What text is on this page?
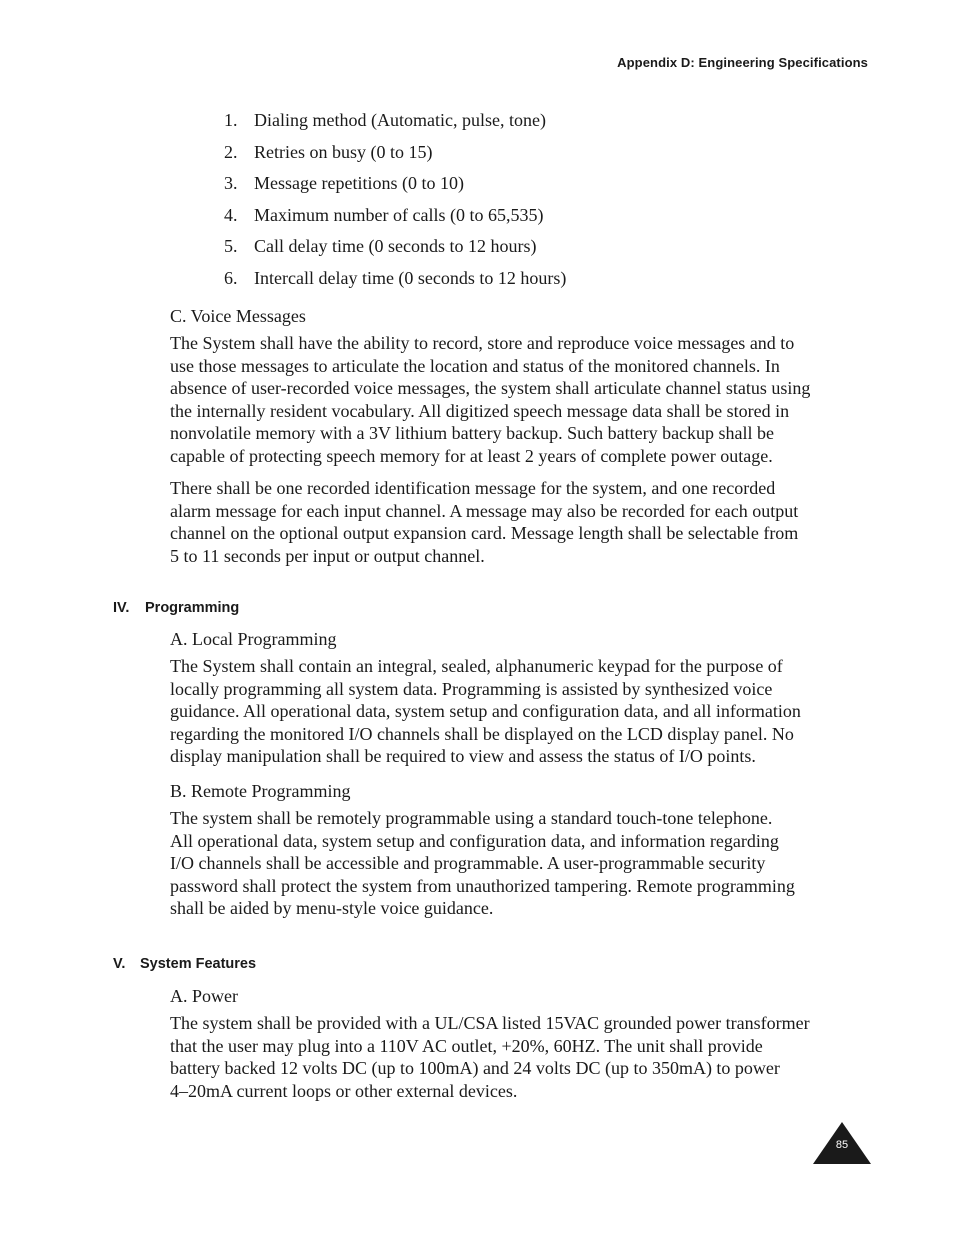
Appendix D: Engineering Specifications
1. Dialing method (Automatic, pulse, tone)
2. Retries on busy (0 to 15)
3. Message repetitions (0 to 10)
4. Maximum number of calls (0 to 65,535)
5. Call delay time (0 seconds to 12 hours)
6. Intercall delay time (0 seconds to 12 hours)
C. Voice Messages

The System shall have the ability to record, store and reproduce voice messages and to

use those messages to articulate the location and status of the monitored channels. In

absence of user-recorded voice messages, the system shall articulate channel status using

the internally resident vocabulary. All digitized speech message data shall be stored in

nonvolatile memory with a 3V lithium battery backup. Such battery backup shall be

capable of protecting speech memory for at least 2 years of complete power outage.

There shall be one recorded identification message for the system, and one recorded

alarm message for each input channel. A message may also be recorded for each output

channel on the optional output expansion card. Message length shall be selectable from

5 to 11 seconds per input or output channel.

IV. Programming
A. Local Programming

The System shall contain an integral, sealed, alphanumeric keypad for the purpose of

locally programming all system data. Programming is assisted by synthesized voice

guidance. All operational data, system setup and configuration data, and all information

regarding the monitored I/O channels shall be displayed on the LCD display panel. No

display manipulation shall be required to view and assess the status of I/O points.

B. Remote Programming

The system shall be remotely programmable using a standard touch-tone telephone.

All operational data, system setup and configuration data, and information regarding

I/O channels shall be accessible and programmable. A user-programmable security

password shall protect the system from unauthorized tampering. Remote programming

shall be aided by menu-style voice guidance.

V. System Features
A. Power

The system shall be provided with a UL/CSA listed 15VAC grounded power transformer

that the user may plug into a 110V AC outlet, +20%, 60HZ. The unit shall provide

battery backed 12 volts DC (up to 100mA) and 24 volts DC (up to 350mA) to power

4–20mA current loops or other external devices.

85
